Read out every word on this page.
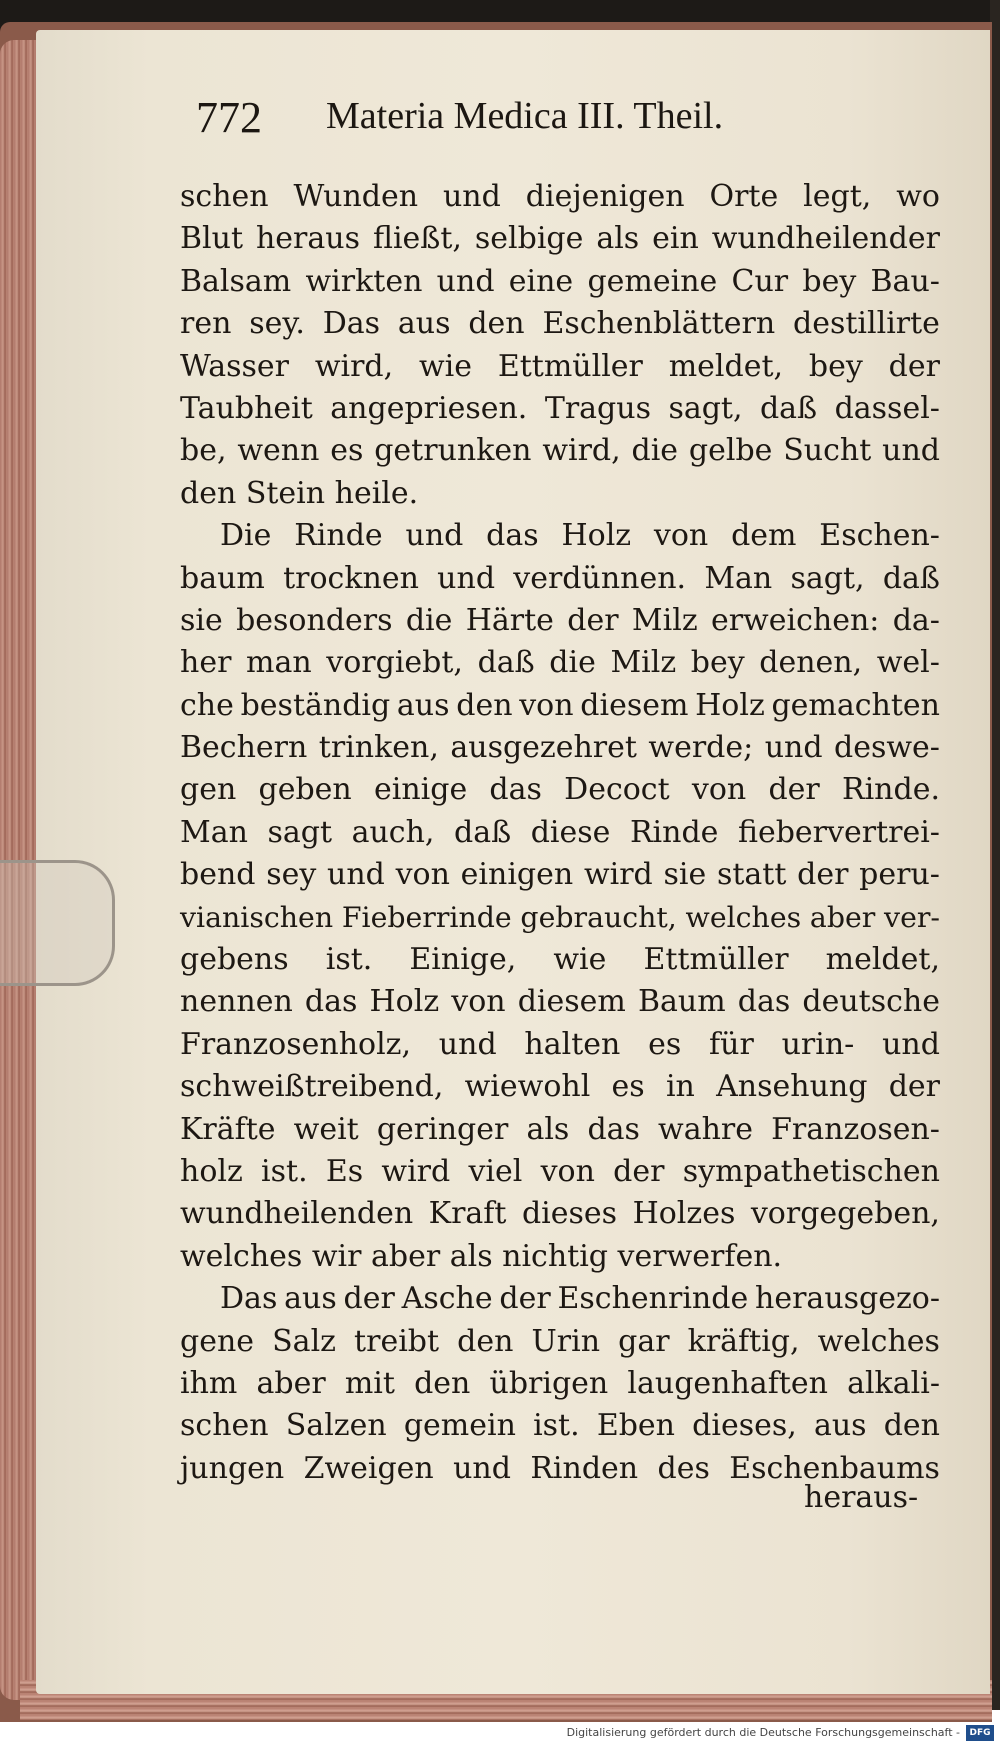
772 Materia Medica III. Theil.
schen Wunden und diejenigen Orte legt, wo
Blut heraus fließt, selbige als ein wundheilender
Balsam wirkten und eine gemeine Cur bey Bau-
ren sey. Das aus den Eschenblättern destillirte
Wasser wird, wie Ettmüller meldet, bey der
Taubheit angepriesen. Tragus sagt, daß dassel-
be, wenn es getrunken wird, die gelbe Sucht und
den Stein heile.
Die Rinde und das Holz von dem Eschen-
baum trocknen und verdünnen. Man sagt, daß
sie besonders die Härte der Milz erweichen: da-
her man vorgiebt, daß die Milz bey denen, wel-
che beständig aus den von diesem Holz gemachten
Bechern trinken, ausgezehret werde; und deswe-
gen geben einige das Decoct von der Rinde.
Man sagt auch, daß diese Rinde fiebervertrei-
bend sey und von einigen wird sie statt der peru-
vianischen Fieberrinde gebraucht, welches aber ver-
gebens ist. Einige, wie Ettmüller meldet,
nennen das Holz von diesem Baum das deutsche
Franzosenholz, und halten es für urin- und
schweißtreibend, wiewohl es in Ansehung der
Kräfte weit geringer als das wahre Franzosen-
holz ist. Es wird viel von der sympathetischen
wundheilenden Kraft dieses Holzes vorgegeben,
welches wir aber als nichtig verwerfen.
Das aus der Asche der Eschenrinde herausgezo-
gene Salz treibt den Urin gar kräftig, welches
ihm aber mit den übrigen laugenhaften alkali-
schen Salzen gemein ist. Eben dieses, aus den
jungen Zweigen und Rinden des Eschenbaums
heraus-
Digitalisierung gefördert durch die Deutsche Forschungsgemeinschaft -	DFG
